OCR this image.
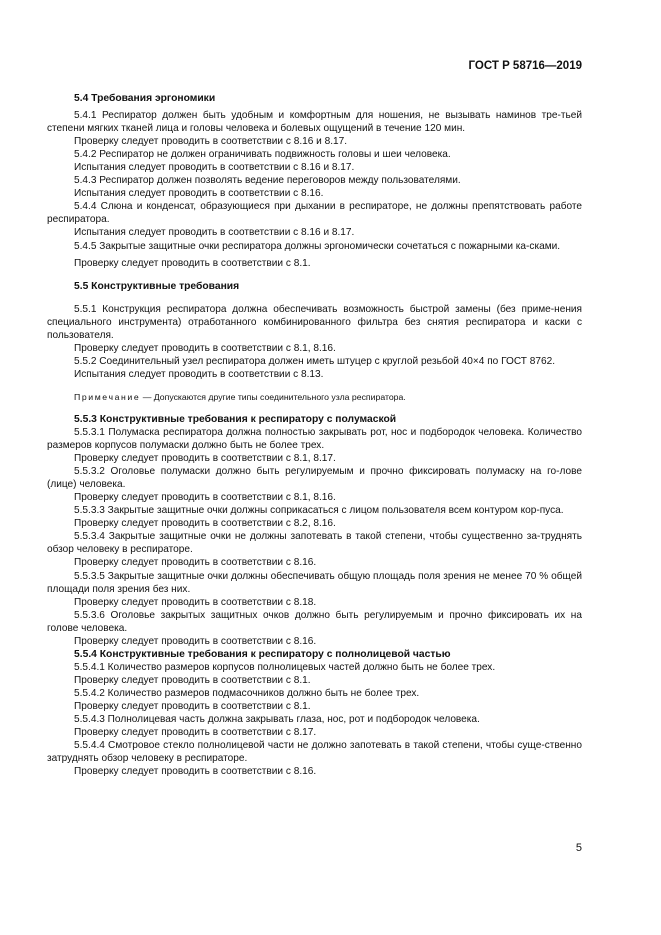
ГОСТ Р 58716—2019
5.4 Требования эргономики

5.4.1 Респиратор должен быть удобным и комфортным для ношения, не вызывать наминов тре-тьей степени мягких тканей лица и головы человека и болевых ощущений в течение 120 мин.

Проверку следует проводить в соответствии с 8.16 и 8.17.

5.4.2 Респиратор не должен ограничивать подвижность головы и шеи человека.

Испытания следует проводить в соответствии с 8.16 и 8.17.

5.4.3 Респиратор должен позволять ведение переговоров между пользователями.

Испытания следует проводить в соответствии с 8.16.

5.4.4 Слюна и конденсат, образующиеся при дыхании в респираторе, не должны препятствовать работе респиратора.

Испытания следует проводить в соответствии с 8.16 и 8.17.

5.4.5 Закрытые защитные очки респиратора должны эргономически сочетаться с пожарными ка-сками.

Проверку следует проводить в соответствии с 8.1.

5.5 Конструктивные требования

5.5.1 Конструкция респиратора должна обеспечивать возможность быстрой замены (без приме-нения специального инструмента) отработанного комбинированного фильтра без снятия респиратора и каски с пользователя.

Проверку следует проводить в соответствии с 8.1, 8.16.

5.5.2 Соединительный узел респиратора должен иметь штуцер с круглой резьбой 40×4 по ГОСТ 8762.

Испытания следует проводить в соответствии с 8.13.

Примечание — Допускаются другие типы соединительного узла респиратора.
5.5.3 Конструктивные требования к респиратору с полумаской

5.5.3.1 Полумаска респиратора должна полностью закрывать рот, нос и подбородок человека. Количество размеров корпусов полумаски должно быть не более трех.

Проверку следует проводить в соответствии с 8.1, 8.17.

5.5.3.2 Оголовье полумаски должно быть регулируемым и прочно фиксировать полумаску на го-лове (лице) человека.

Проверку следует проводить в соответствии с 8.1, 8.16.

5.5.3.3 Закрытые защитные очки должны соприкасаться с лицом пользователя всем контуром кор-пуса.

Проверку следует проводить в соответствии с 8.2, 8.16.

5.5.3.4 Закрытые защитные очки не должны запотевать в такой степени, чтобы существенно за-труднять обзор человеку в респираторе.

Проверку следует проводить в соответствии с 8.16.

5.5.3.5 Закрытые защитные очки должны обеспечивать общую площадь поля зрения не менее 70 % общей площади поля зрения без них.

Проверку следует проводить в соответствии с 8.18.

5.5.3.6 Оголовье закрытых защитных очков должно быть регулируемым и прочно фиксировать их на голове человека.

Проверку следует проводить в соответствии с 8.16.

5.5.4 Конструктивные требования к респиратору с полнолицевой частью

5.5.4.1 Количество размеров корпусов полнолицевых частей должно быть не более трех.

Проверку следует проводить в соответствии с 8.1.

5.5.4.2 Количество размеров подмасочников должно быть не более трех.

Проверку следует проводить в соответствии с 8.1.

5.5.4.3 Полнолицевая часть должна закрывать глаза, нос, рот и подбородок человека.

Проверку следует проводить в соответствии с 8.17.

5.5.4.4 Смотровое стекло полнолицевой части не должно запотевать в такой степени, чтобы суще-ственно затруднять обзор человеку в респираторе.

Проверку следует проводить в соответствии с 8.16.

5
